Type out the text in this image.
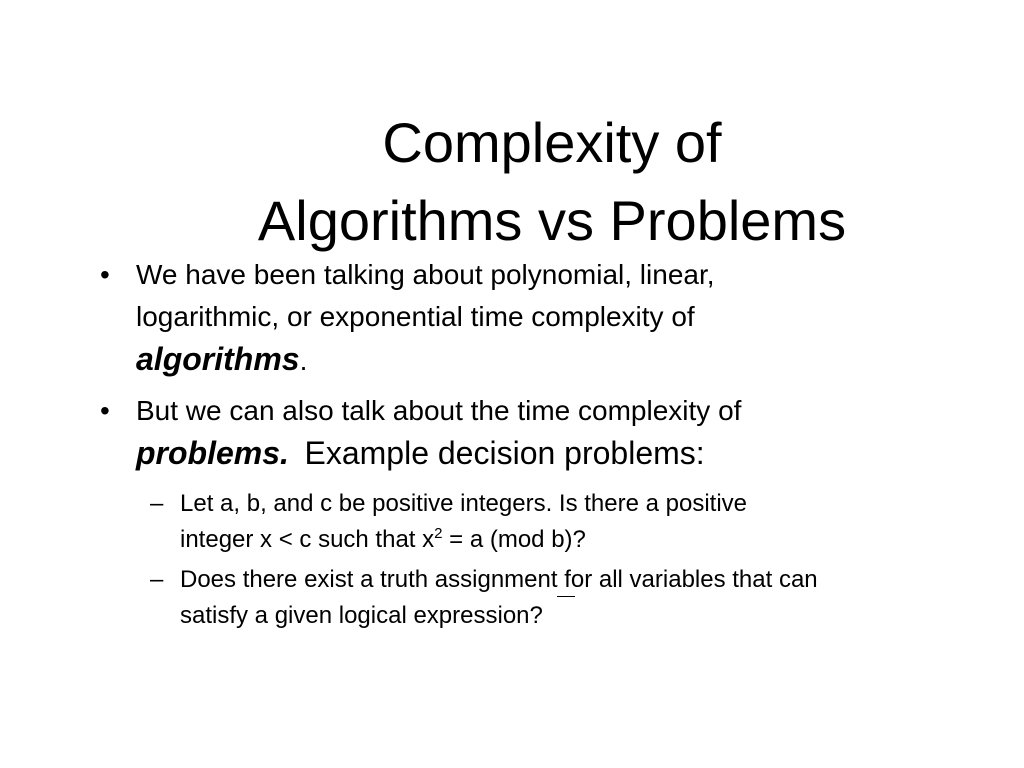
Complexity of
Algorithms vs Problems
• We have been talking about polynomial, linear,
logarithmic, or exponential time complexity of
algorithms.
• But we can also talk about the time complexity of
problems. Example decision problems:
– Let a, b, and c be positive integers. Is there a positive
integer x < c such that $x^2 = a$ (mod b)?
– Does there exist a truth assignment for all variables that can
satisfy a given logical expression?
